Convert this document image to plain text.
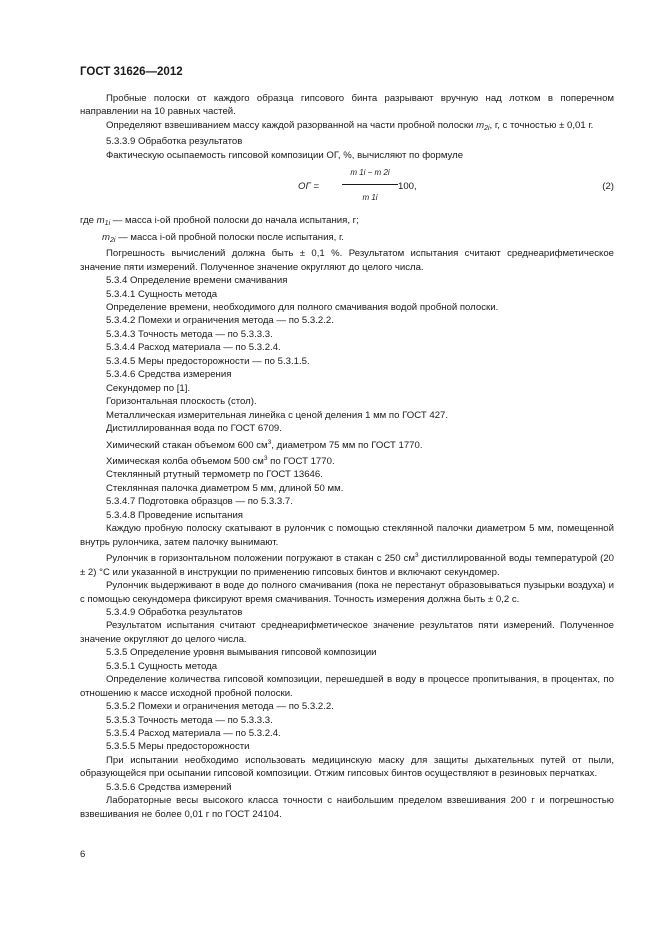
ГОСТ 31626—2012

Пробные полоски от каждого образца гипсового бинта разрывают вручную над лотком в поперечном направлении на 10 равных частей.

Определяют взвешиванием массу каждой разорванной на части пробной полоски $m_{2i}$, г, с точностью ± 0,01 г.

5.3.3.9 Обработка результатов

Фактическую осыпаемость гипсовой композиции ОГ, %, вычисляют по формуле

ОГ =	$\frac{m 1i - m 2i}{m 1i} 100$,	(2)

где $m_{1i}$ — масса i-ой пробной полоски до начала испытания, г;

$m_{2i}$ — масса i-ой пробной полоски после испытания, г.

Погрешность вычислений должна быть ± 0,1 %. Результатом испытания считают среднеарифметическое значение пяти измерений. Полученное значение округляют до целого числа.

5.3.4 Определение времени смачивания

5.3.4.1 Сущность метода

Определение времени, необходимого для полного смачивания водой пробной полоски.

5.3.4.2 Помехи и ограничения метода — по 5.3.2.2.

5.3.4.3 Точность метода — по 5.3.3.3.

5.3.4.4 Расход материала — по 5.3.2.4.

5.3.4.5 Меры предосторожности — по 5.3.1.5.

5.3.4.6 Средства измерения

Секундомер по [1].

Горизонтальная плоскость (стол).

Металлическая измерительная линейка с ценой деления 1 мм по ГОСТ 427.

Дистиллированная вода по ГОСТ 6709.

Химический стакан объемом 600 $см^3$, диаметром 75 мм по ГОСТ 1770.

Химическая колба объемом 500 $см^3$ по ГОСТ 1770.

Стеклянный ртутный термометр по ГОСТ 13646.

Стеклянная палочка диаметром 5 мм, длиной 50 мм.

5.3.4.7 Подготовка образцов — по 5.3.3.7.

5.3.4.8 Проведение испытания

Каждую пробную полоску скатывают в рулончик с помощью стеклянной палочки диаметром 5 мм, помещенной внутрь рулончика, затем палочку вынимают.

Рулончик в горизонтальном положении погружают в стакан с 250 $см^3$ дистиллированной воды температурой (20 ± 2) °С или указанной в инструкции по применению гипсовых бинтов и включают секундомер.

Рулончик выдерживают в воде до полного смачивания (пока не перестанут образовываться пузырьки воздуха) и с помощью секундомера фиксируют время смачивания. Точность измерения должна быть ± 0,2 с.

5.3.4.9 Обработка результатов

Результатом испытания считают среднеарифметическое значение результатов пяти измерений. Полученное значение округляют до целого числа.

5.3.5 Определение уровня вымывания гипсовой композиции

5.3.5.1 Сущность метода

Определение количества гипсовой композиции, перешедшей в воду в процессе пропитывания, в процентах, по отношению к массе исходной пробной полоски.

5.3.5.2 Помехи и ограничения метода — по 5.3.2.2.

5.3.5.3 Точность метода — по 5.3.3.3.

5.3.5.4 Расход материала — по 5.3.2.4.

5.3.5.5 Меры предосторожности

При испытании необходимо использовать медицинскую маску для защиты дыхательных путей от пыли, образующейся при осыпании гипсовой композиции. Отжим гипсовых бинтов осуществляют в резиновых перчатках.

5.3.5.6 Средства измерений

Лабораторные весы высокого класса точности с наибольшим пределом взвешивания 200 г и погрешностью взвешивания не более 0,01 г по ГОСТ 24104.

6
